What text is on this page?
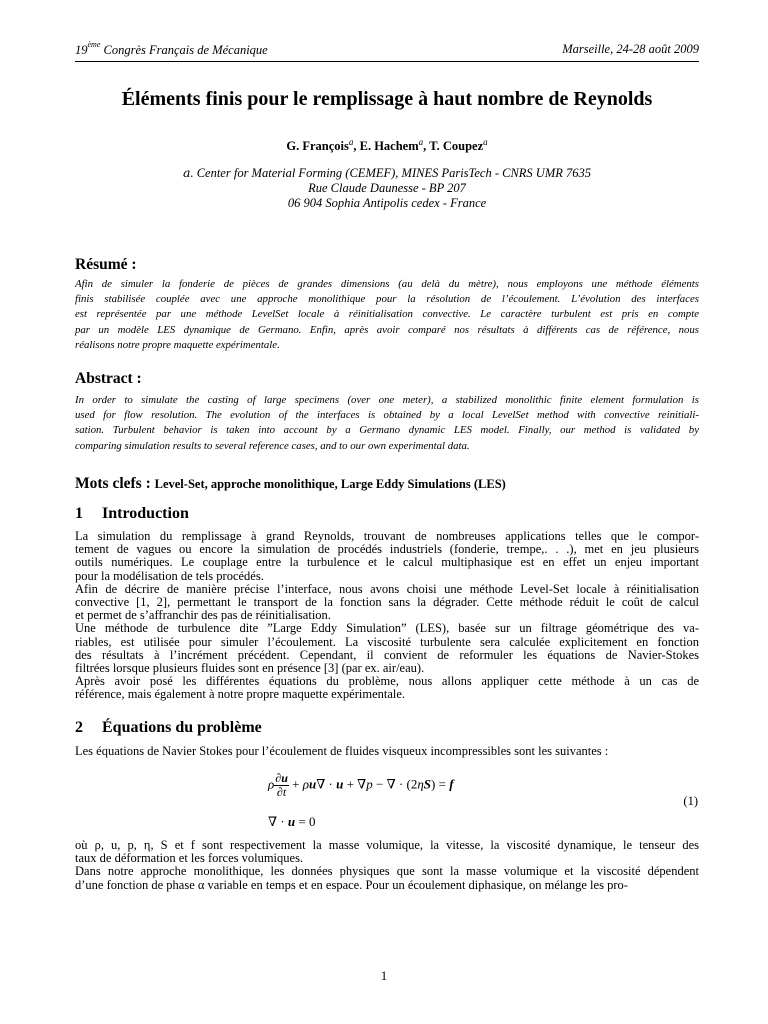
19ème Congrès Français de Mécanique	Marseille, 24-28 août 2009
Éléments finis pour le remplissage à haut nombre de Reynolds
G. François$^a$, E. Hachem$^a$, T. Coupez$^a$
a. Center for Material Forming (CEMEF), MINES ParisTech - CNRS UMR 7635
Rue Claude Daunesse - BP 207
06 904 Sophia Antipolis cedex - France
Résumé :
Afin de simuler la fonderie de pièces de grandes dimensions (au delà du mètre), nous employons une méthode éléments
finis stabilisée couplée avec une approche monolithique pour la résolution de l’écoulement. L’évolution des interfaces
est représentée par une méthode LevelSet locale à réinitialisation convective. Le caractère turbulent est pris en compte
par un modèle LES dynamique de Germano. Enfin, après avoir comparé nos résultats à différents cas de référence, nous
réalisons notre propre maquette expérimentale.
Abstract :
In order to simulate the casting of large specimens (over one meter), a stabilized monolithic finite element formulation is
used for flow resolution. The evolution of the interfaces is obtained by a local LevelSet method with convective reinitiali-
sation. Turbulent behavior is taken into account by a Germano dynamic LES model. Finally, our method is validated by
comparing simulation results to several reference cases, and to our own experimental data.
Mots clefs : Level-Set, approche monolithique, Large Eddy Simulations (LES)
1 Introduction
La simulation du remplissage à grand Reynolds, trouvant de nombreuses applications telles que le compor-
tement de vagues ou encore la simulation de procédés industriels (fonderie, trempe,. . .), met en jeu plusieurs
outils numériques. Le couplage entre la turbulence et le calcul multiphasique est en effet un enjeu important
pour la modélisation de tels procédés.
Afin de décrire de manière précise l’interface, nous avons choisi une méthode Level-Set locale à réinitialisation
convective [1, 2], permettant le transport de la fonction sans la dégrader. Cette méthode réduit le coût de calcul
et permet de s’affranchir des pas de réinitialisation.
Une méthode de turbulence dite ”Large Eddy Simulation” (LES), basée sur un filtrage géométrique des va-
riables, est utilisée pour simuler l’écoulement. La viscosité turbulente sera calculée explicitement en fonction
des résultats à l’incrément précédent. Cependant, il convient de reformuler les équations de Navier-Stokes
filtrées lorsque plusieurs fluides sont en présence [3] (par ex. air/eau).
Après avoir posé les différentes équations du problème, nous allons appliquer cette méthode à un cas de
référence, mais également à notre propre maquette expérimentale.
2 Équations du problème
Les équations de Navier Stokes pour l’écoulement de fluides visqueux incompressibles sont les suivantes :
ρ $\frac{\partial u}{\partial t} + \rho u\nabla \cdot u + \nabla p$ − ∇ · (2ηS) = f
∇ · u = 0
(1)
où ρ, u, p, η, S et f sont respectivement la masse volumique, la vitesse, la viscosité dynamique, le tenseur des
taux de déformation et les forces volumiques.
Dans notre approche monolithique, les données physiques que sont la masse volumique et la viscosité dépendent
d’une fonction de phase α variable en temps et en espace. Pour un écoulement diphasique, on mélange les pro-
1
